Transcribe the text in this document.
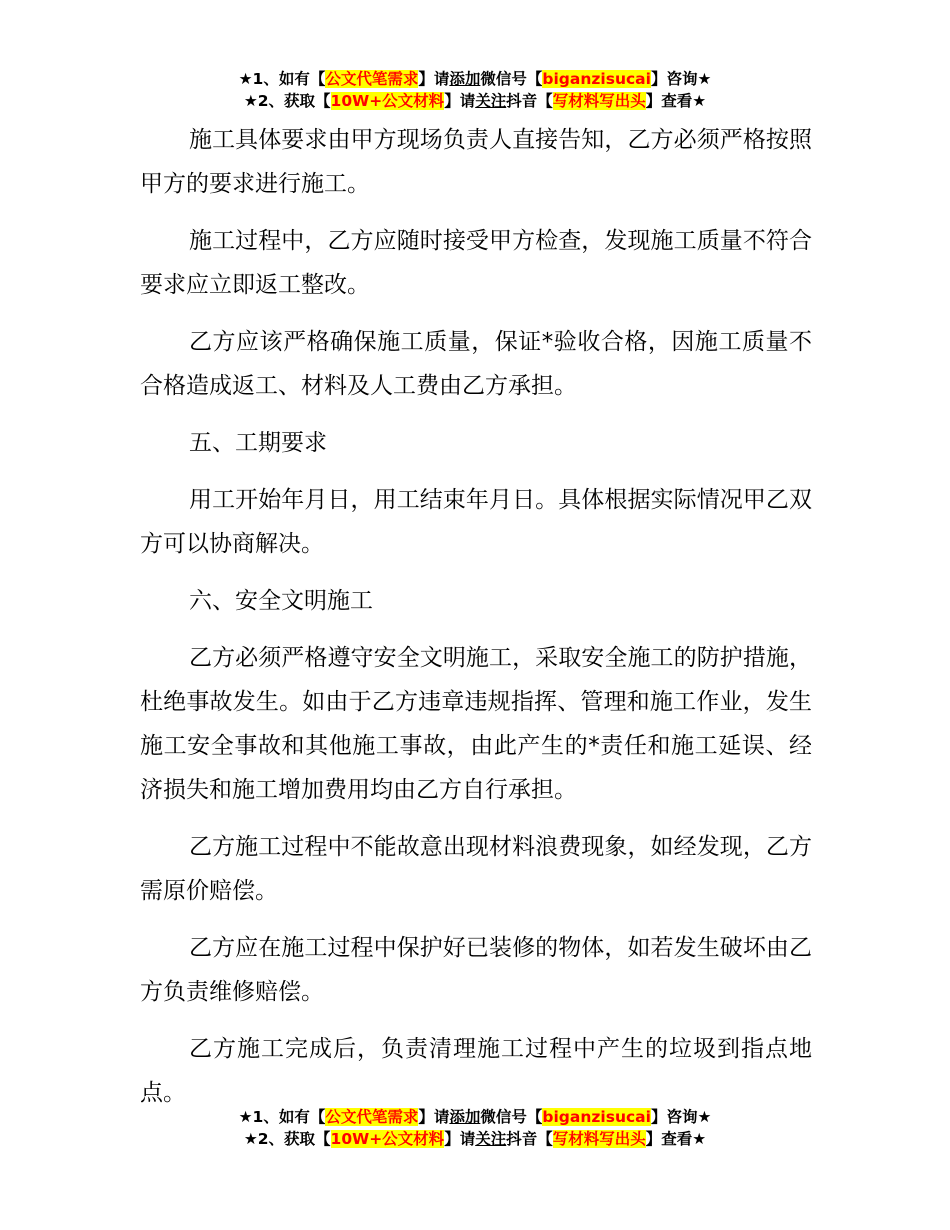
★1、如有【公文代笔需求】请添加微信号【biganzisucai】咨询★
★2、获取【10W+公文材料】请关注抖音【写材料写出头】查看★

施工具体要求由甲方现场负责人直接告知，乙方必须严格按照甲方的要求进行施工。

施工过程中，乙方应随时接受甲方检查，发现施工质量不符合要求应立即返工整改。

乙方应该严格确保施工质量，保证*验收合格，因施工质量不合格造成返工、材料及人工费由乙方承担。

五、工期要求

用工开始年月日，用工结束年月日。具体根据实际情况甲乙双方可以协商解决。

六、安全文明施工

乙方必须严格遵守安全文明施工，采取安全施工的防护措施，杜绝事故发生。如由于乙方违章违规指挥、管理和施工作业，发生施工安全事故和其他施工事故，由此产生的*责任和施工延误、经济损失和施工增加费用均由乙方自行承担。

乙方施工过程中不能故意出现材料浪费现象，如经发现，乙方需原价赔偿。

乙方应在施工过程中保护好已装修的物体，如若发生破坏由乙方负责维修赔偿。

乙方施工完成后，负责清理施工过程中产生的垃圾到指点地点。

★1、如有【公文代笔需求】请添加微信号【biganzisucai】咨询★
★2、获取【10W+公文材料】请关注抖音【写材料写出头】查看★
